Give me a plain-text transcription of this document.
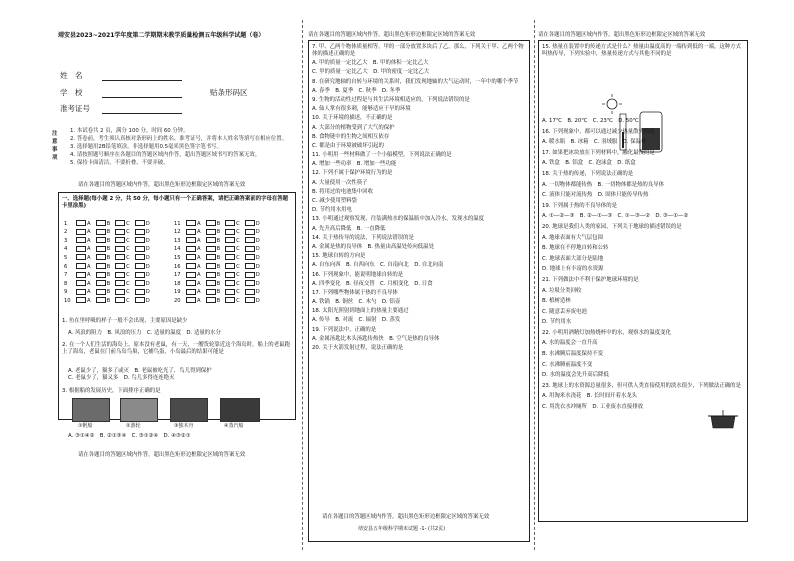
靖安县2023~2021学年度第二学期期末教学质量检测五年级科学试题（卷）
姓　名
学　校
准考证号
贴条形码区
注意事项
1. 本试卷共 2 页，满分 100 分，时间 60 分钟。
2. 答卷前，考生须认真核对条形码上的姓名、准考证号，并将本人姓名等填写在相应位置。
3. 选择题用2B铅笔填涂，非选择题用0.5毫米黑色签字笔书写。
4. 请按照题号顺序在各题目的答题区域内作答，超出答题区域书写的答案无效。
5. 保持卡面清洁，不要折叠、不要弄破。
请在各题目的答题区域内作答，超出黑色矩形边框限定区域的答案无效
一、选择题(每小题 2 分，共 50 分，每小题只有一个正确答案，请把正确答案前的字母在答题卡里涂黑)
1	A	B	C	D
2	A	B	C	D
3	A	B	C	D
4	A	B	C	D
5	A	B	C	D
6	A	B	C	D
7	A	B	C	D
8	A	B	C	D
9	A	B	C	D
10	A	B	C	D
11	A	B	C	D
12	A	B	C	D
13	A	B	C	D
14	A	B	C	D
15	A	B	C	D
16	A	B	C	D
17	A	B	C	D
18	A	B	C	D
19	A	B	C	D
20	A	B	C	D
1. 鱼在里呼吸的样子一般不会出现，主要原因是缺少
A. 风浪的阻力　B. 风浪的压力　C. 适量的温度　D. 适量的水分
2. 在一个人们生活的海岛上，原本没有老鼠，有一天，一艘货轮靠近这个海岛时，船上的老鼠跑上了海岛，老鼠在门前乌岛鸟巢，它捕鸟蛋，小岛最后的结果可能是
A. 老鼠少了，猫多了或灭　B. 老鼠被吃光了，鸟儿得到保护
C. 老鼠少了，猫又多　D. 鸟儿多得连连绝灭
3. 根据船的发展历史，下面排序正确的是
①帆船	②游轮	③独木舟	④蒸汽船
A. ③①④②　B. ②①③④　C. ③①②④　D. ④③②①
请在各题目的答题区域内作答，超出黑色矩形边框限定区域的答案无效
请在各题目的答题区域内作答，超出黑色矩形边框限定区域的答案无效
7. 甲、乙两个物体质量相等，甲的一部分放置多块后了乙，那么，下列关于甲、乙两个物体的描述正确的是
A. 甲的质量一定比乙大　B. 甲的体积一定比乙大
C. 甲的质量一定比乙大　D. 甲的密度一定比乙大
8. 在研究地轴的自转与环境的关系时，我们发现地轴的大气运动时，一年中的哪个季节
A. 春季　B. 夏季　C. 秋季　D. 冬季
9. 生物的活动性过程是与其生活环境相适应的，下列说法错误的是
A. 仙人掌有很多刺，能够适应干旱的环境
10. 关于环境的描述，不正确的是
A. 大部分的植物受到了大气的保护
B. 食物链中的生物之间相互依存
C. 都是由于环境被破坏引起的
11. 小明用一些材料做了一个小船模型，下列说法正确的是
A. 增加一些功率　B. 增加一些功能
12. 下列不属于保护环境行为的是
A. 大量使用一次性筷子
B. 将用过的电池集中回收
C. 减少使用塑料袋
D. 节约用水用电
13. 小明通过观察发现，往装满热水的保温瓶中加入冷水，发现水的温度
A. 先升高后降低　B. 一直降低
14. 关于热传导的说法，下列说法错误的是
A. 金属是热的良导体　B. 热量由高温处传向低温处
15. 地球自转的方向是
A. 自东向西　B. 自西向东　C. 自南向北　D. 自北向南
16. 下列现象中，能说明地球自转的是
A. 四季变化　B. 昼夜交替　C. 月相变化　D. 日食
17. 下列哪些物体属于热的不良导体
A. 铁锅　B. 铜丝　C. 木勺　D. 铝壶
18. 太阳光照射到地面上的热量主要通过
A. 传导　B. 对流　C. 辐射　D. 蒸发
19. 下列说法中，正确的是
A. 金属汤匙比木头汤匙传热快　B. 空气是热的良导体
20. 关于火箭发射过程，说法正确的是
请在各题目的答题区域内作答，超出黑色矩形边框限定区域的答案无效
靖安县五年级科学期末试题 -1- (共2页)
请在各题目的答题区域内作答，超出黑色矩形边框限定区域的答案无效
15. 热量在装置中的传递方式是什么？热量由温度高的一端传到低的一端，这种方式叫热传导，下列实验中，热量传递方式与其他不同的是
A. 17℃　B. 20℃　C. 23℃　D. 50℃
16. 下列现象中，都可以通过减少热量散失的是
A. 暖水瓶　B. 冰箱　C. 羽绒服　D. 保温杯
17. 如果把冰块放在下列材料中，融化最慢的是
A. 铁盒　B. 铝盒　C. 泡沫盒　D. 纸盒
18. 关于热的传递，下列说法正确的是
A. 一切物体都能传热　B. 一切物体都是热的良导体
C. 液体只能对流传热　D. 固体只能传导传热
19. 下列属于热的不良导体的是
A. ①—②—③　B. ②—①—③　C. ①—③—②　D. ③—①—②
20. 地球是我们人类的家园，下列关于地球的描述错误的是
A. 地球表面有大气层包围
B. 地球在不停地自转和公转
C. 地球表面大部分是陆地
D. 地球上有丰富的水资源
21. 下列做法中不利于保护地球环境的是
A. 垃圾分类回收
B. 植树造林
C. 随意丢弃废电池
D. 节约用水
22. 小明用酒精灯加热烧杯中的水，观察水的温度变化
A. 水的温度会一直升高
B. 水沸腾后温度保持不变
C. 水沸腾前温度不变
D. 水的温度会先升高后降低
23. 地球上的水资源总量很多，但可供人类直接使用的淡水很少，下列做法正确的是
A. 用淘米水浇花　B. 长时间开着水龙头
C. 用洗衣水冲厕所　D. 工业废水直接排放
